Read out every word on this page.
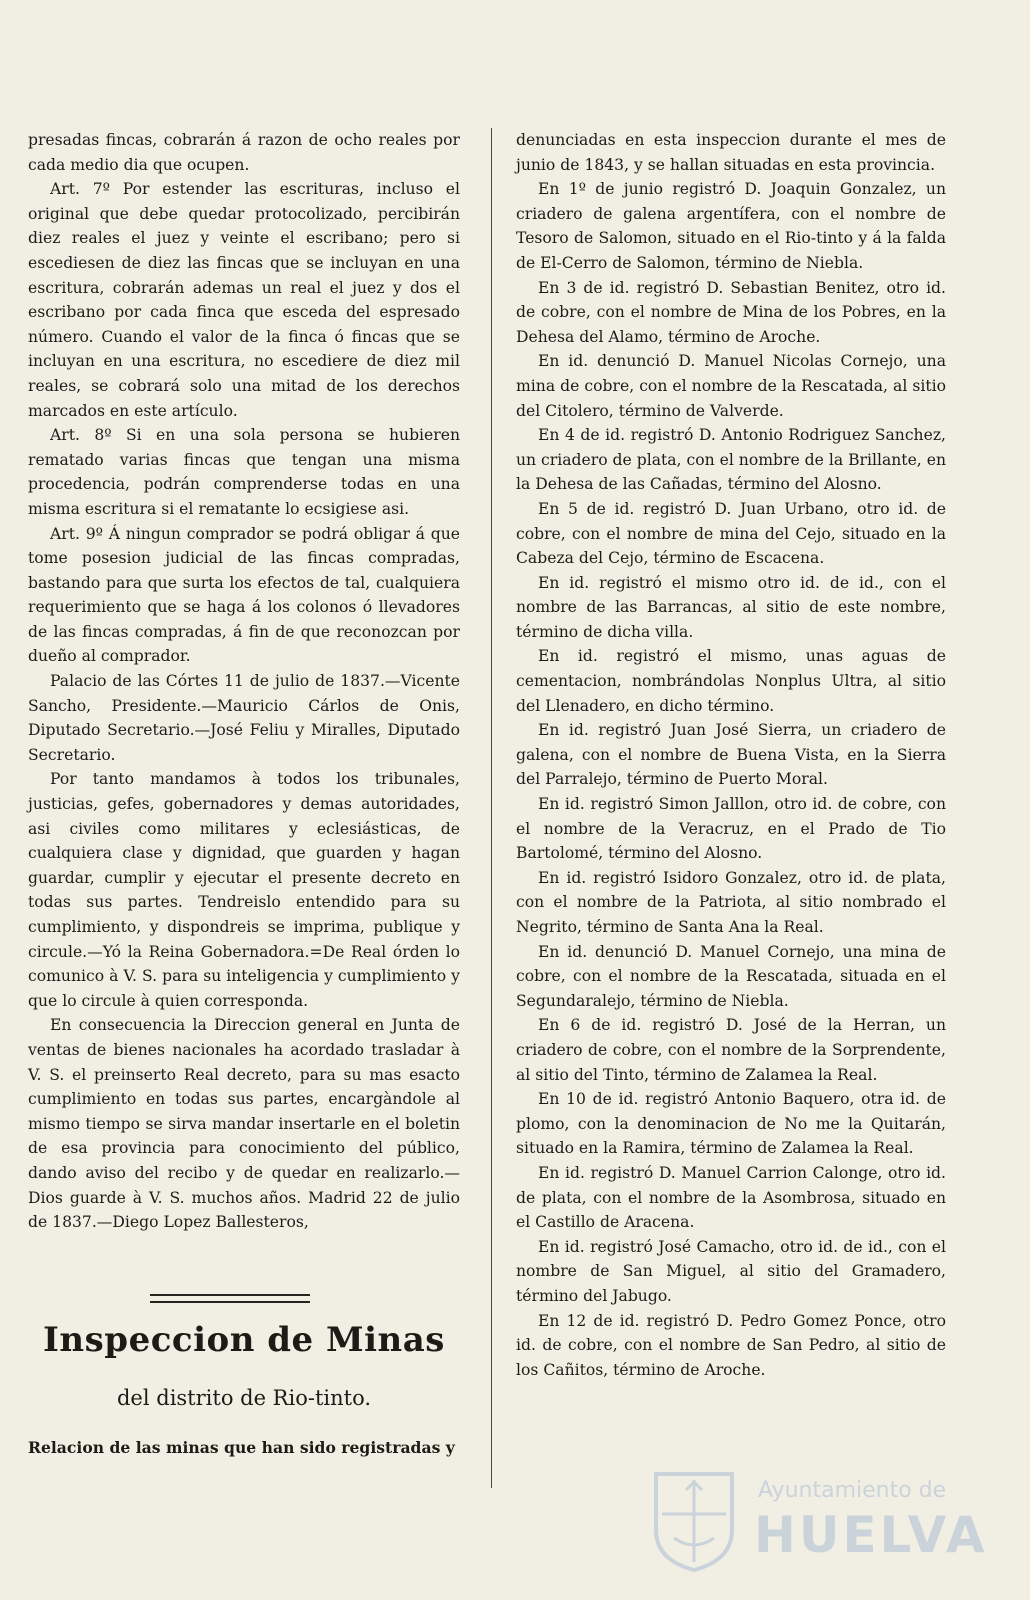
presadas fincas, cobrarán á razon de ocho reales por cada medio dia que ocupen.

Art. 7º Por estender las escrituras, incluso el original que debe quedar protocolizado, percibirán diez reales el juez y veinte el escribano; pero si escediesen de diez las fincas que se incluyan en una escritura, cobrarán ademas un real el juez y dos el escribano por cada finca que esceda del espresado número. Cuando el valor de la finca ó fincas que se incluyan en una escritura, no escediere de diez mil reales, se cobrará solo una mitad de los derechos marcados en este artículo.

Art. 8º Si en una sola persona se hubieren rematado varias fincas que tengan una misma procedencia, podrán comprenderse todas en una misma escritura si el rematante lo ecsigiese asi.

Art. 9º Á ningun comprador se podrá obligar á que tome posesion judicial de las fincas compradas, bastando para que surta los efectos de tal, cualquiera requerimiento que se haga á los colonos ó llevadores de las fincas compradas, á fin de que reconozcan por dueño al comprador.

Palacio de las Córtes 11 de julio de 1837.—Vicente Sancho, Presidente.—Mauricio Cárlos de Onis, Diputado Secretario.—José Feliu y Miralles, Diputado Secretario.

Por tanto mandamos à todos los tribunales, justicias, gefes, gobernadores y demas autoridades, asi civiles como militares y eclesiásticas, de cualquiera clase y dignidad, que guarden y hagan guardar, cumplir y ejecutar el presente decreto en todas sus partes. Tendreislo entendido para su cumplimiento, y dispondreis se imprima, publique y circule.—Yó la Reina Gobernadora.=De Real órden lo comunico à V. S. para su inteligencia y cumplimiento y que lo circule à quien corresponda.

En consecuencia la Direccion general en Junta de ventas de bienes nacionales ha acordado trasladar à V. S. el preinserto Real decreto, para su mas esacto cumplimiento en todas sus partes, encargàndole al mismo tiempo se sirva mandar insertarle en el boletin de esa provincia para conocimiento del público, dando aviso del recibo y de quedar en realizarlo.—Dios guarde à V. S. muchos años. Madrid 22 de julio de 1837.—Diego Lopez Ballesteros,

denunciadas en esta inspeccion durante el mes de junio de 1843, y se hallan situadas en esta provincia.

En 1º de junio registró D. Joaquin Gonzalez, un criadero de galena argentífera, con el nombre de Tesoro de Salomon, situado en el Rio-tinto y á la falda de El-Cerro de Salomon, término de Niebla.

En 3 de id. registró D. Sebastian Benitez, otro id. de cobre, con el nombre de Mina de los Pobres, en la Dehesa del Alamo, término de Aroche.

En id. denunció D. Manuel Nicolas Cornejo, una mina de cobre, con el nombre de la Rescatada, al sitio del Citolero, término de Valverde.

En 4 de id. registró D. Antonio Rodriguez Sanchez, un criadero de plata, con el nombre de la Brillante, en la Dehesa de las Cañadas, término del Alosno.

En 5 de id. registró D. Juan Urbano, otro id. de cobre, con el nombre de mina del Cejo, situado en la Cabeza del Cejo, término de Escacena.

En id. registró el mismo otro id. de id., con el nombre de las Barrancas, al sitio de este nombre, término de dicha villa.

En id. registró el mismo, unas aguas de cementacion, nombrándolas Nonplus Ultra, al sitio del Llenadero, en dicho término.

En id. registró Juan José Sierra, un criadero de galena, con el nombre de Buena Vista, en la Sierra del Parralejo, término de Puerto Moral.

En id. registró Simon Jalllon, otro id. de cobre, con el nombre de la Veracruz, en el Prado de Tio Bartolomé, término del Alosno.

En id. registró Isidoro Gonzalez, otro id. de plata, con el nombre de la Patriota, al sitio nombrado el Negrito, término de Santa Ana la Real.

En id. denunció D. Manuel Cornejo, una mina de cobre, con el nombre de la Rescatada, situada en el Segundaralejo, término de Niebla.

En 6 de id. registró D. José de la Herran, un criadero de cobre, con el nombre de la Sorprendente, al sitio del Tinto, término de Zalamea la Real.

En 10 de id. registró Antonio Baquero, otra id. de plomo, con la denominacion de No me la Quitarán, situado en la Ramira, término de Zalamea la Real.

En id. registró D. Manuel Carrion Calonge, otro id. de plata, con el nombre de la Asombrosa, situado en el Castillo de Aracena.

En id. registró José Camacho, otro id. de id., con el nombre de San Miguel, al sitio del Gramadero, término del Jabugo.

En 12 de id. registró D. Pedro Gomez Ponce, otro id. de cobre, con el nombre de San Pedro, al sitio de los Cañitos, término de Aroche.

Inspeccion de Minas
del distrito de Rio-tinto.
Relacion de las minas que han sido registradas y
Ayuntamiento de
HUELVA
